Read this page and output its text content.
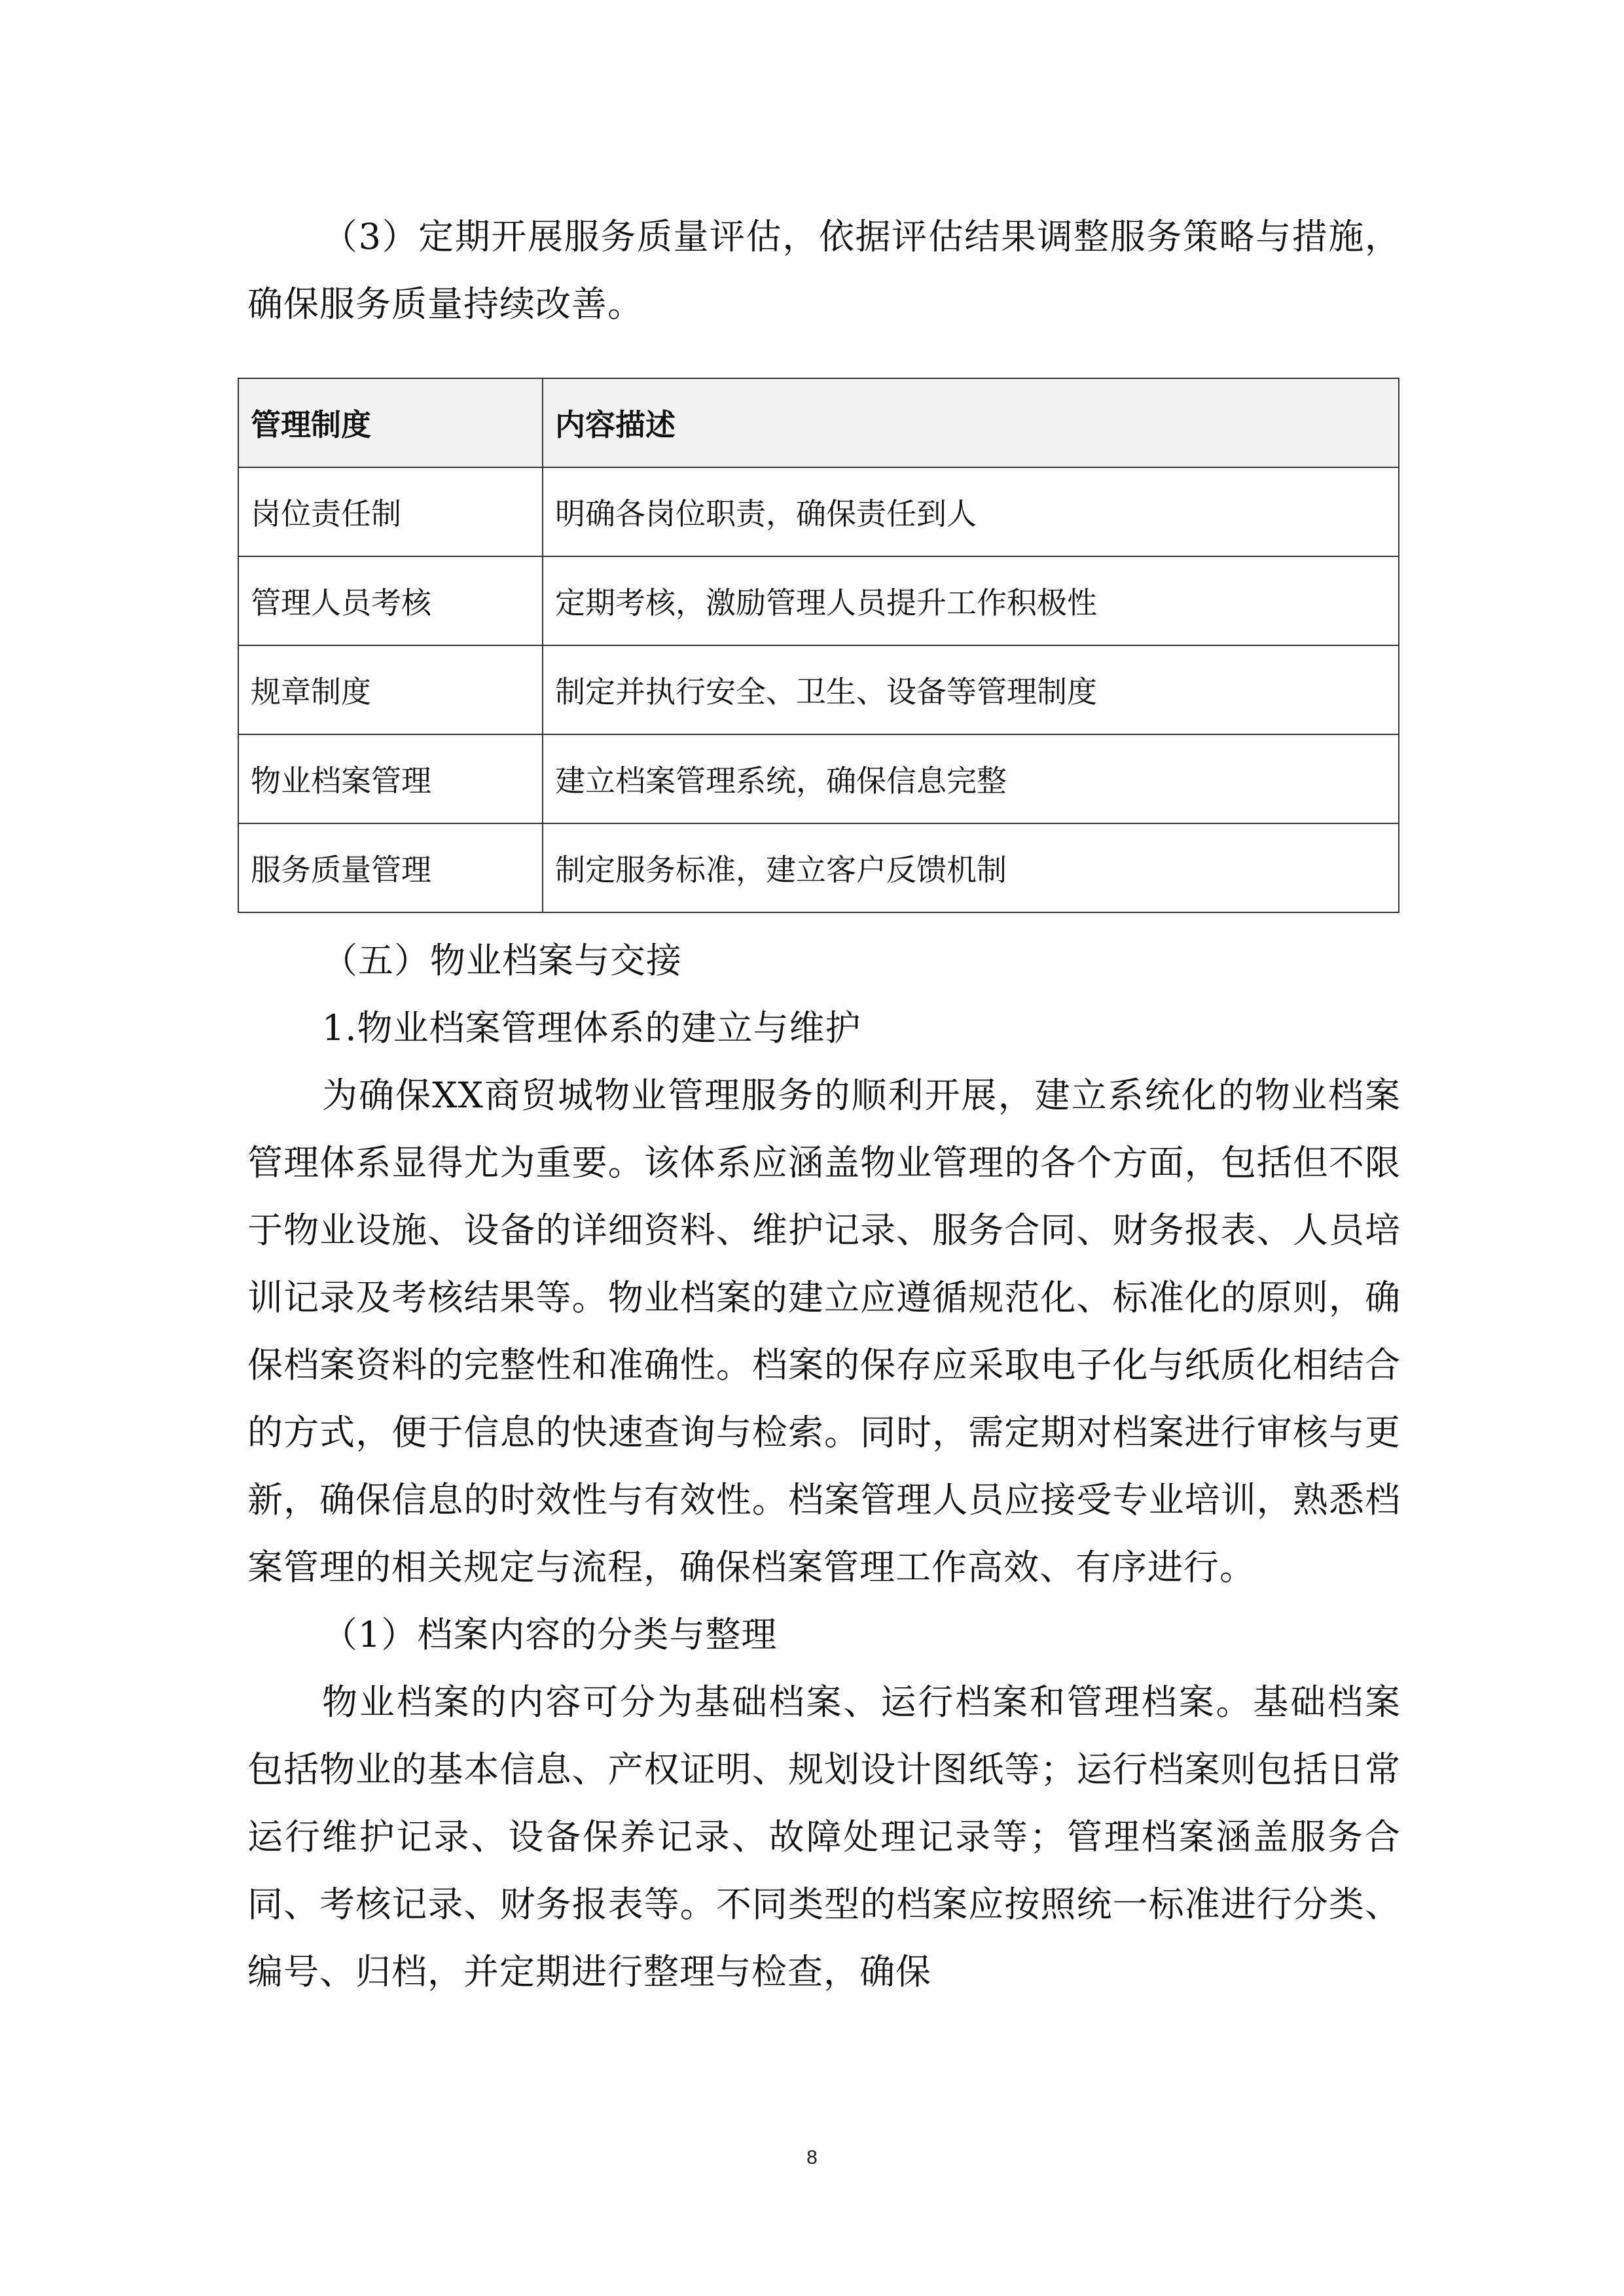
（3）定期开展服务质量评估，依据评估结果调整服务策略与措施，确保服务质量持续改善。

管理制度	内容描述
岗位责任制	明确各岗位职责，确保责任到人
管理人员考核	定期考核，激励管理人员提升工作积极性
规章制度	制定并执行安全、卫生、设备等管理制度
物业档案管理	建立档案管理系统，确保信息完整
服务质量管理	制定服务标准，建立客户反馈机制

（五）物业档案与交接

1.物业档案管理体系的建立与维护

为确保XX商贸城物业管理服务的顺利开展，建立系统化的物业档案管理体系显得尤为重要。该体系应涵盖物业管理的各个方面，包括但不限于物业设施、设备的详细资料、维护记录、服务合同、财务报表、人员培训记录及考核结果等。物业档案的建立应遵循规范化、标准化的原则，确保档案资料的完整性和准确性。档案的保存应采取电子化与纸质化相结合的方式，便于信息的快速查询与检索。同时，需定期对档案进行审核与更新，确保信息的时效性与有效性。档案管理人员应接受专业培训，熟悉档案管理的相关规定与流程，确保档案管理工作高效、有序进行。

（1）档案内容的分类与整理

物业档案的内容可分为基础档案、运行档案和管理档案。基础档案包括物业的基本信息、产权证明、规划设计图纸等；运行档案则包括日常运行维护记录、设备保养记录、故障处理记录等；管理档案涵盖服务合同、考核记录、财务报表等。不同类型的档案应按照统一标准进行分类、编号、归档，并定期进行整理与检查，确保

8
